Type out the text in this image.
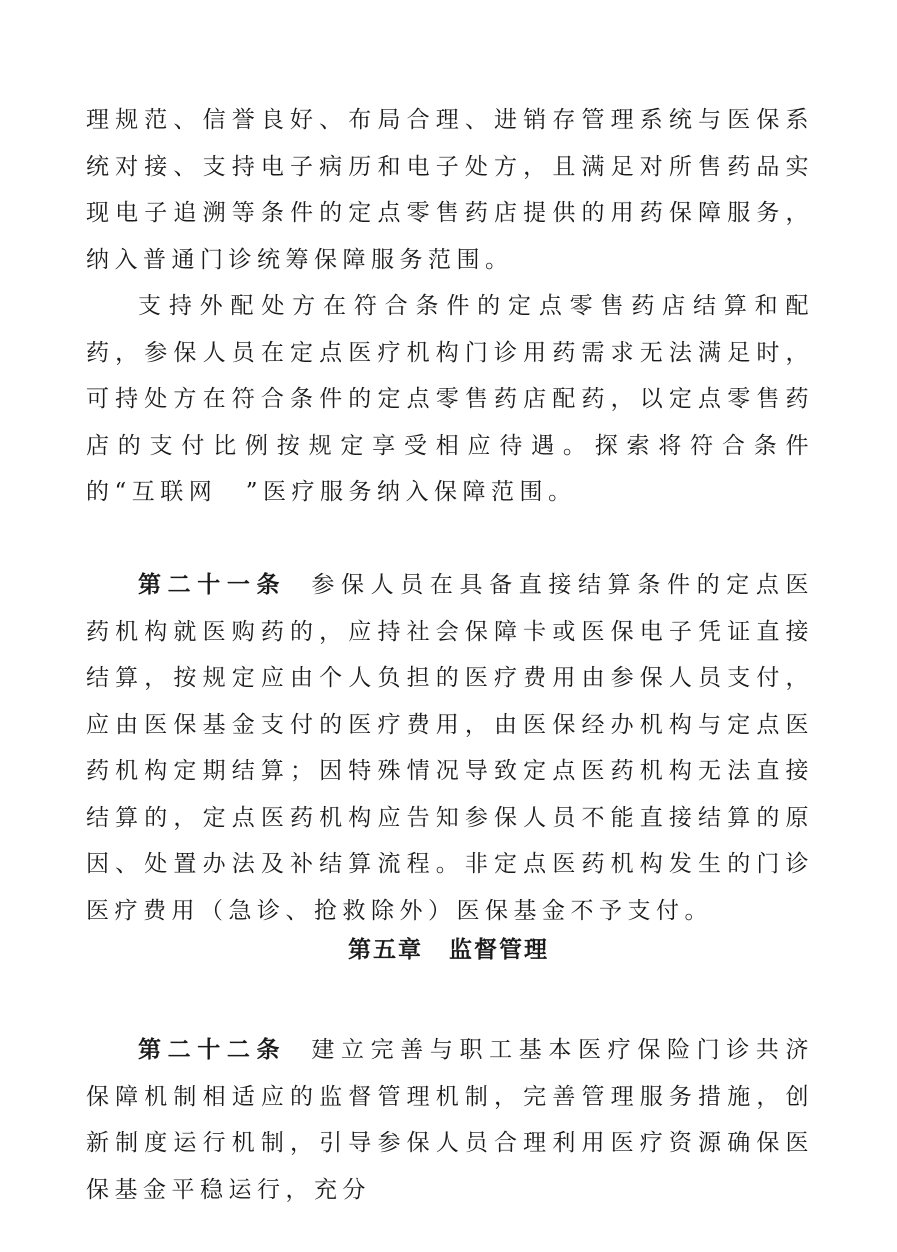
理规范、信誉良好、布局合理、进销存管理系统与医保系统对接、支持电子病历和电子处方，且满足对所售药品实现电子追溯等条件的定点零售药店提供的用药保障服务，纳入普通门诊统筹保障服务范围。

支持外配处方在符合条件的定点零售药店结算和配药，参保人员在定点医疗机构门诊用药需求无法满足时，可持处方在符合条件的定点零售药店配药，以定点零售药店的支付比例按规定享受相应待遇。探索将符合条件的“互联网　”医疗服务纳入保障范围。

第二十一条 参保人员在具备直接结算条件的定点医药机构就医购药的，应持社会保障卡或医保电子凭证直接结算，按规定应由个人负担的医疗费用由参保人员支付，应由医保基金支付的医疗费用，由医保经办机构与定点医药机构定期结算；因特殊情况导致定点医药机构无法直接结算的，定点医药机构应告知参保人员不能直接结算的原因、处置办法及补结算流程。非定点医药机构发生的门诊医疗费用（急诊、抢救除外）医保基金不予支付。

第五章 监督管理

第二十二条 建立完善与职工基本医疗保险门诊共济保障机制相适应的监督管理机制，完善管理服务措施，创新制度运行机制，引导参保人员合理利用医疗资源确保医保基金平稳运行，充分
